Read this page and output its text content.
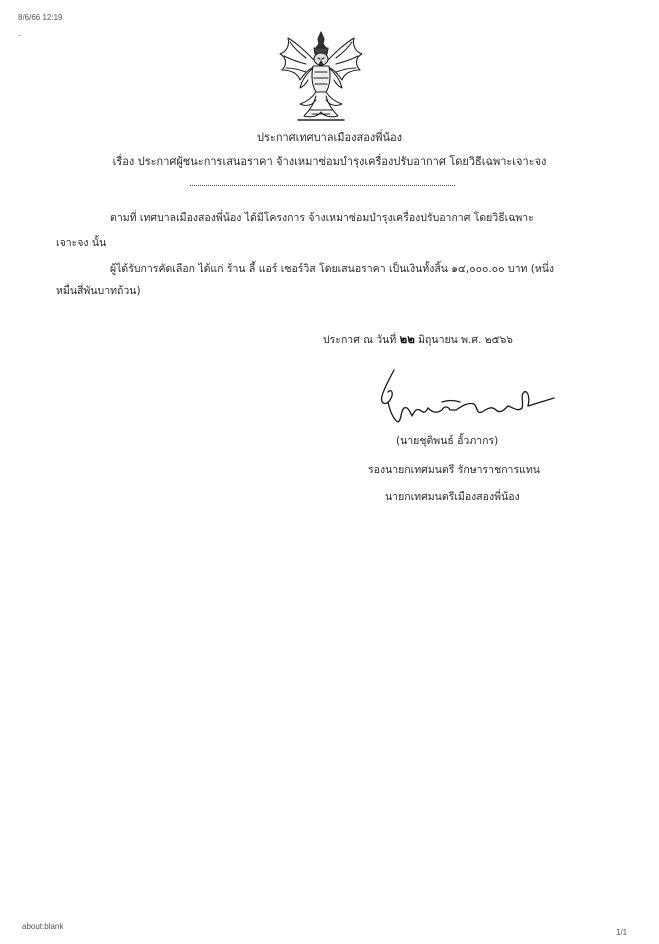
8/6/66 12:19
-
ประกาศเทศบาลเมืองสองพี่น้อง
เรื่อง ประกาศผู้ชนะการเสนอราคา จ้างเหมาซ่อมบำรุงเครื่องปรับอากาศ โดยวิธีเฉพาะเจาะจง
ตามที่ เทศบาลเมืองสองพี่น้อง ได้มีโครงการ จ้างเหมาซ่อมบำรุงเครื่องปรับอากาศ โดยวิธีเฉพาะ
เจาะจง นั้น
ผู้ได้รับการคัดเลือก ได้แก่ ร้าน ลี้ แอร์ เซอร์วิส โดยเสนอราคา เป็นเงินทั้งสิ้น ๑๔,๐๐๐.๐๐ บาท (หนึ่ง
หมื่นสี่พันบาทถ้วน)
ประกาศ ณ วันที่ ๒๒ มิถุนายน พ.ศ. ๒๕๖๖
(นายชุติพนธ์ อั้วภากร)
รองนายกเทศมนตรี รักษาราชการแทน
นายกเทศมนตรีเมืองสองพี่น้อง
about:blank
1/1
